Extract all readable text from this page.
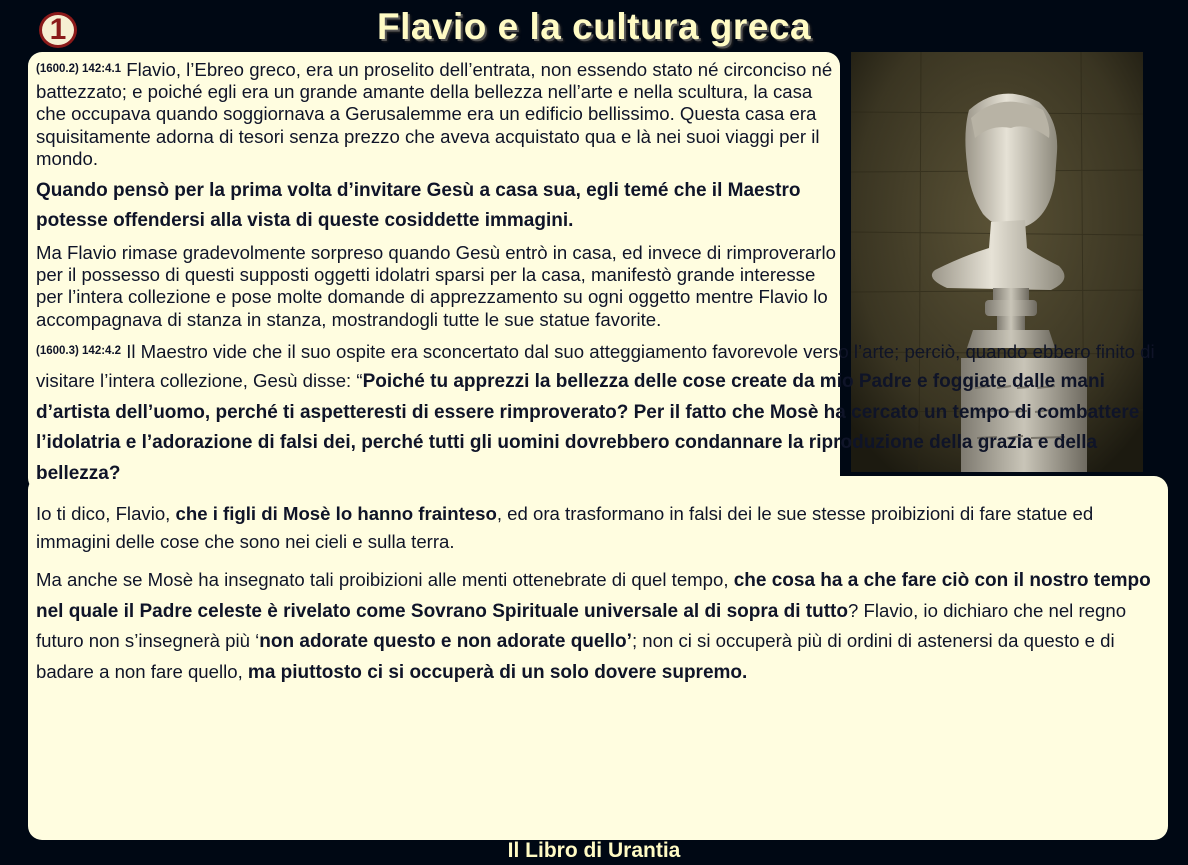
1	Flavio e la cultura greca

$^{(1600.2) 142:4.1}$ Flavio, l’Ebreo greco, era un proselito dell’entrata, non essendo stato né circonciso né battezzato; e poiché egli era un grande amante della bellezza nell’arte e nella scultura, la casa che occupava quando soggiornava a Gerusalemme era un edificio bellissimo. Questa casa era squisitamente adorna di tesori senza prezzo che aveva acquistato qua e là nei suoi viaggi per il mondo.

Quando pensò per la prima volta d’invitare Gesù a casa sua, egli temé che il Maestro potesse offendersi alla vista di queste cosiddette immagini.

Ma Flavio rimase gradevolmente sorpreso quando Gesù entrò in casa, ed invece di rimproverarlo per il possesso di questi supposti oggetti idolatri sparsi per la casa, manifestò grande interesse per l’intera collezione e pose molte domande di apprezzamento su ogni oggetto mentre Flavio lo accompagnava di stanza in stanza, mostrandogli tutte le sue statue favorite.

$^{(1600.3) 142:4.2}$ Il Maestro vide che il suo ospite era sconcertato dal suo atteggiamento favorevole verso l’arte; perciò, quando ebbero finito di visitare l’intera collezione, Gesù disse: “Poiché tu apprezzi la bellezza delle cose create da mio Padre e foggiate dalle mani d’artista dell’uomo, perché ti aspetteresti di essere rimproverato? Per il fatto che Mosè ha cercato un tempo di combattere l’idolatria e l’adorazione di falsi dei, perché tutti gli uomini dovrebbero condannare la riproduzione della grazia e della bellezza?

Io ti dico, Flavio, che i figli di Mosè lo hanno frainteso, ed ora trasformano in falsi dei le sue stesse proibizioni di fare statue ed immagini delle cose che sono nei cieli e sulla terra.

Ma anche se Mosè ha insegnato tali proibizioni alle menti ottenebrate di quel tempo, che cosa ha a che fare ciò con il nostro tempo nel quale il Padre celeste è rivelato come Sovrano Spirituale universale al di sopra di tutto? Flavio, io dichiaro che nel regno futuro non s’insegnerà più ‘non adorate questo e non adorate quello’; non ci si occuperà più di ordini di astenersi da questo e di badare a non fare quello, ma piuttosto ci si occuperà di un solo dovere supremo.

Il Libro di Urantia
